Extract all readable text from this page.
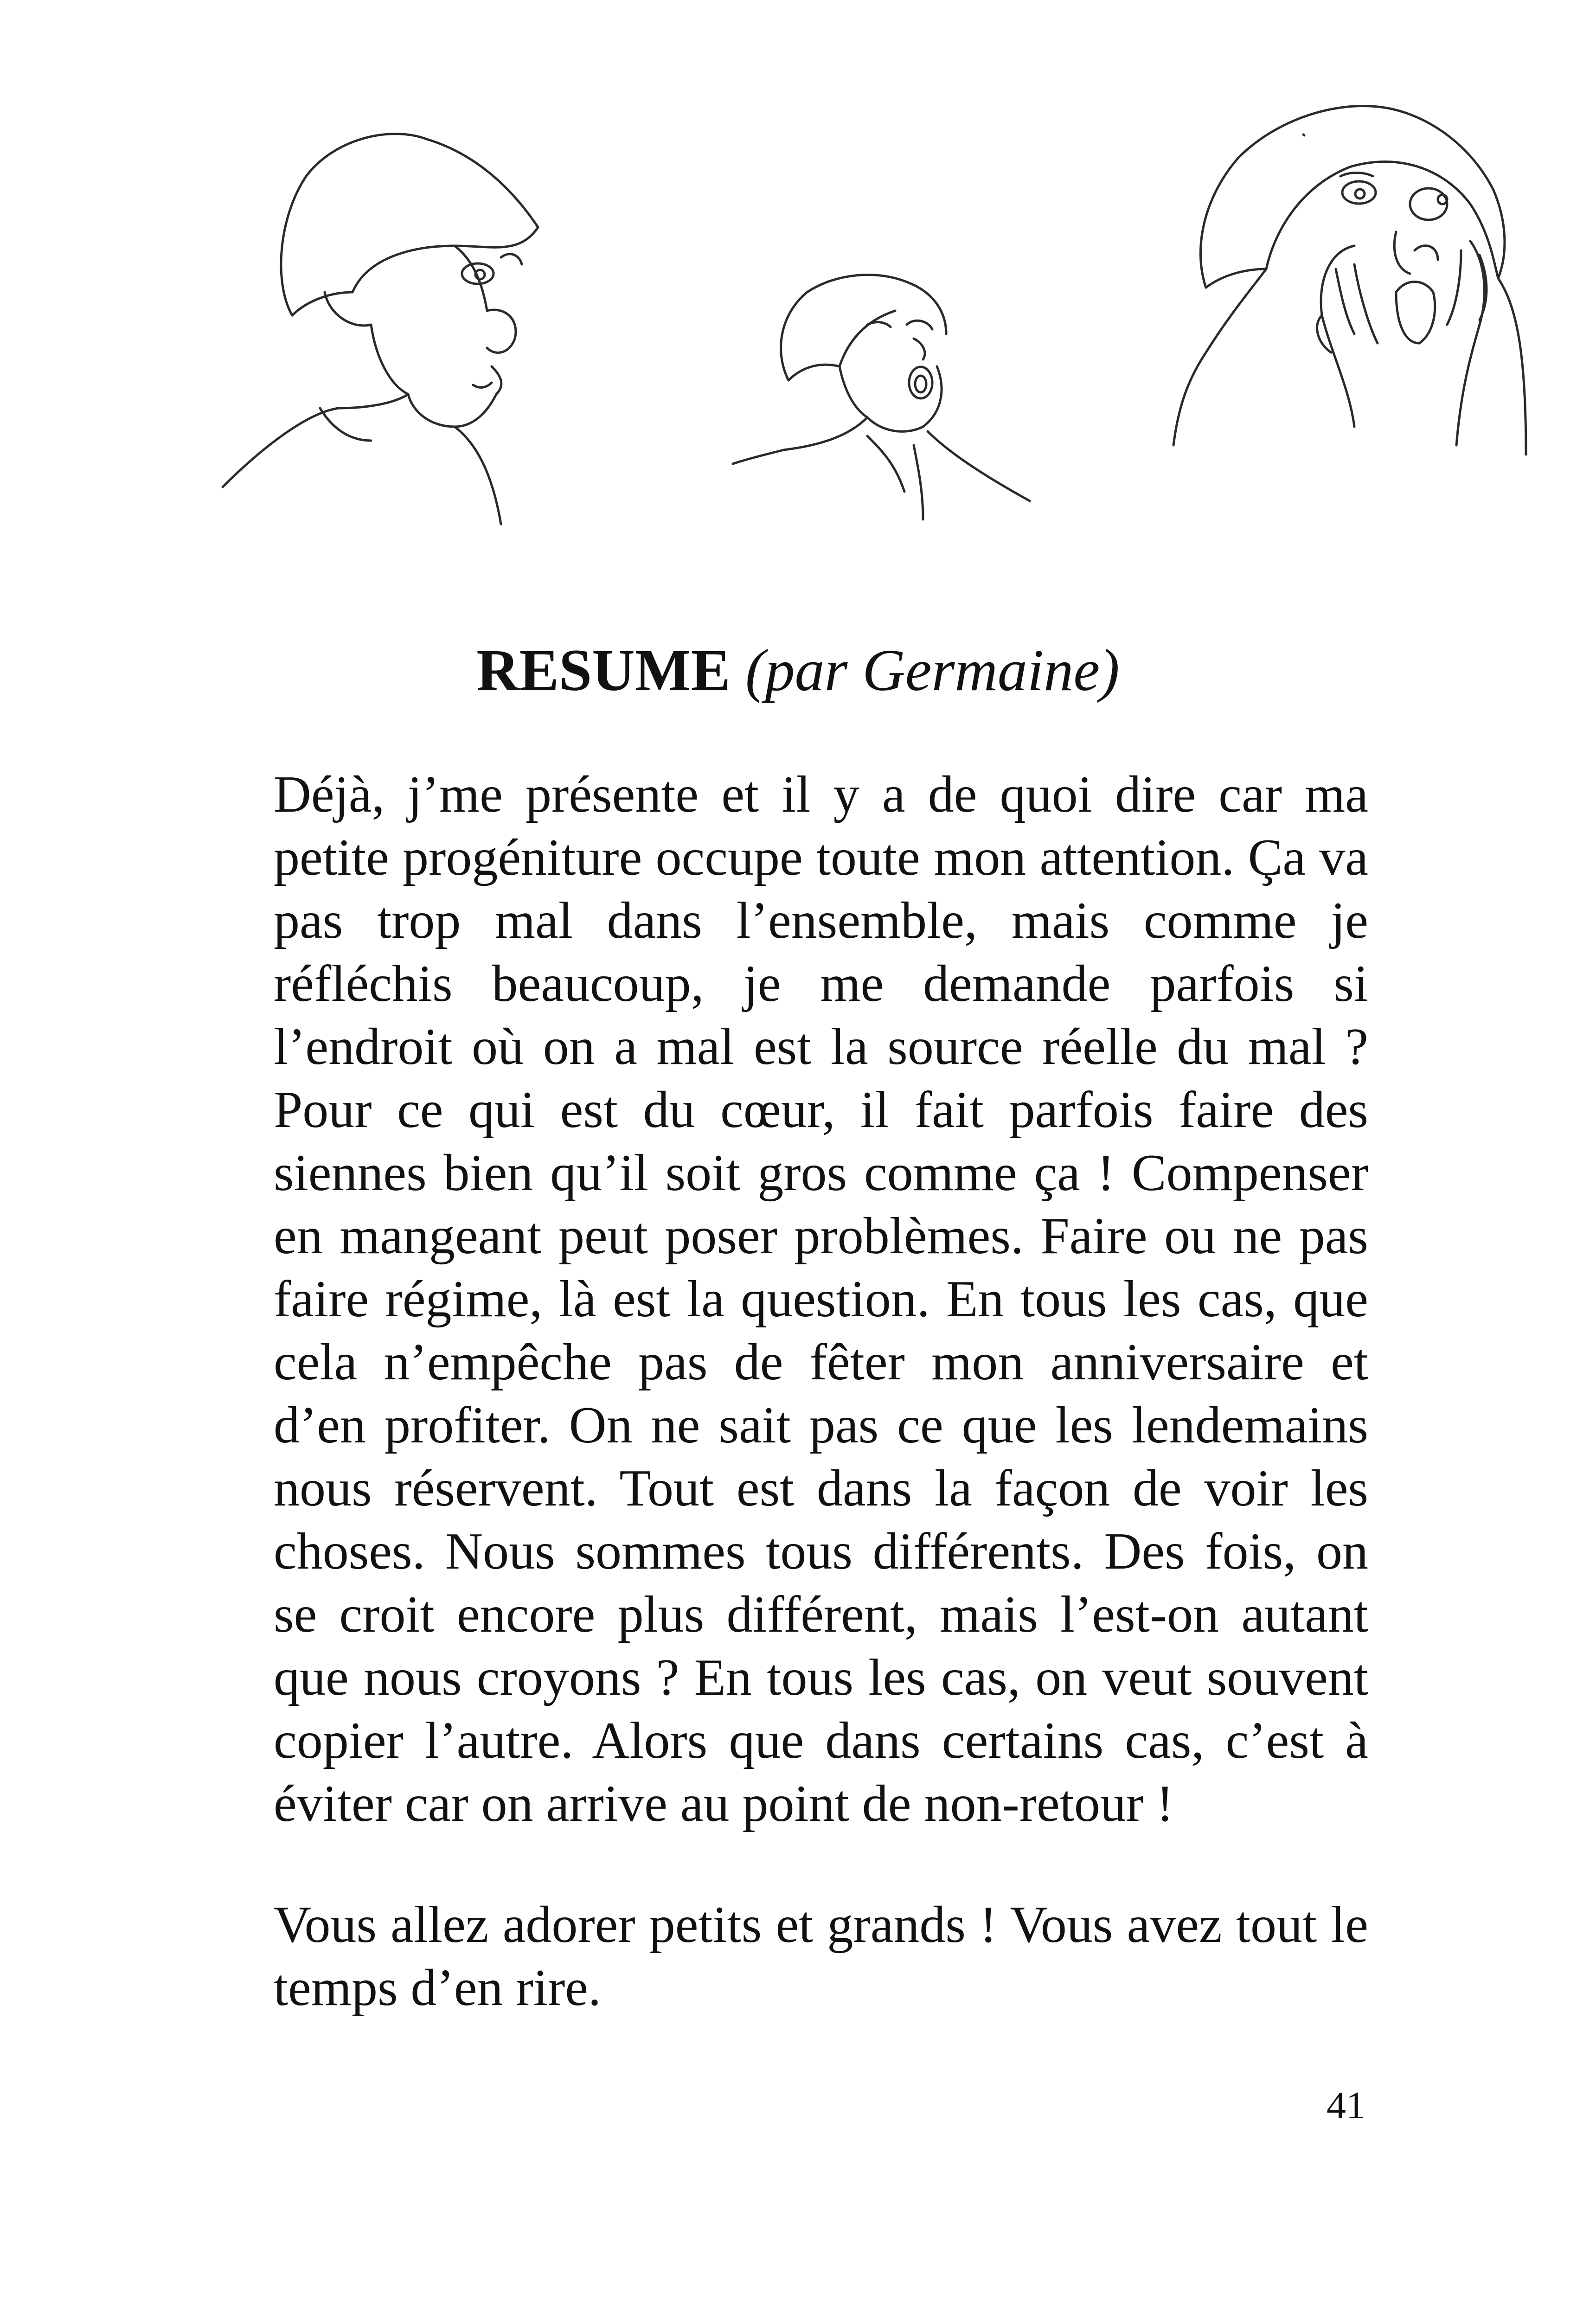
RESUME (par Germaine)

Déjà, j’me présente et il y a de quoi dire car ma petite progéniture occupe toute mon attention. Ça va pas trop mal dans l’ensemble, mais comme je réfléchis beaucoup, je me demande parfois si l’endroit où on a mal est la source réelle du mal ? Pour ce qui est du cœur, il fait parfois faire des siennes bien qu’il soit gros comme ça ! Compenser en mangeant peut poser problèmes. Faire ou ne pas faire régime, là est la question. En tous les cas, que cela n’empêche pas de fêter mon anniversaire et d’en profiter. On ne sait pas ce que les lendemains nous réservent. Tout est dans la façon de voir les choses. Nous sommes tous différents. Des fois, on se croit encore plus différent, mais l’est-on autant que nous croyons ? En tous les cas, on veut souvent copier l’autre. Alors que dans certains cas, c’est à éviter car on arrive au point de non-retour !

Vous allez adorer petits et grands ! Vous avez tout le temps d’en rire.

41
